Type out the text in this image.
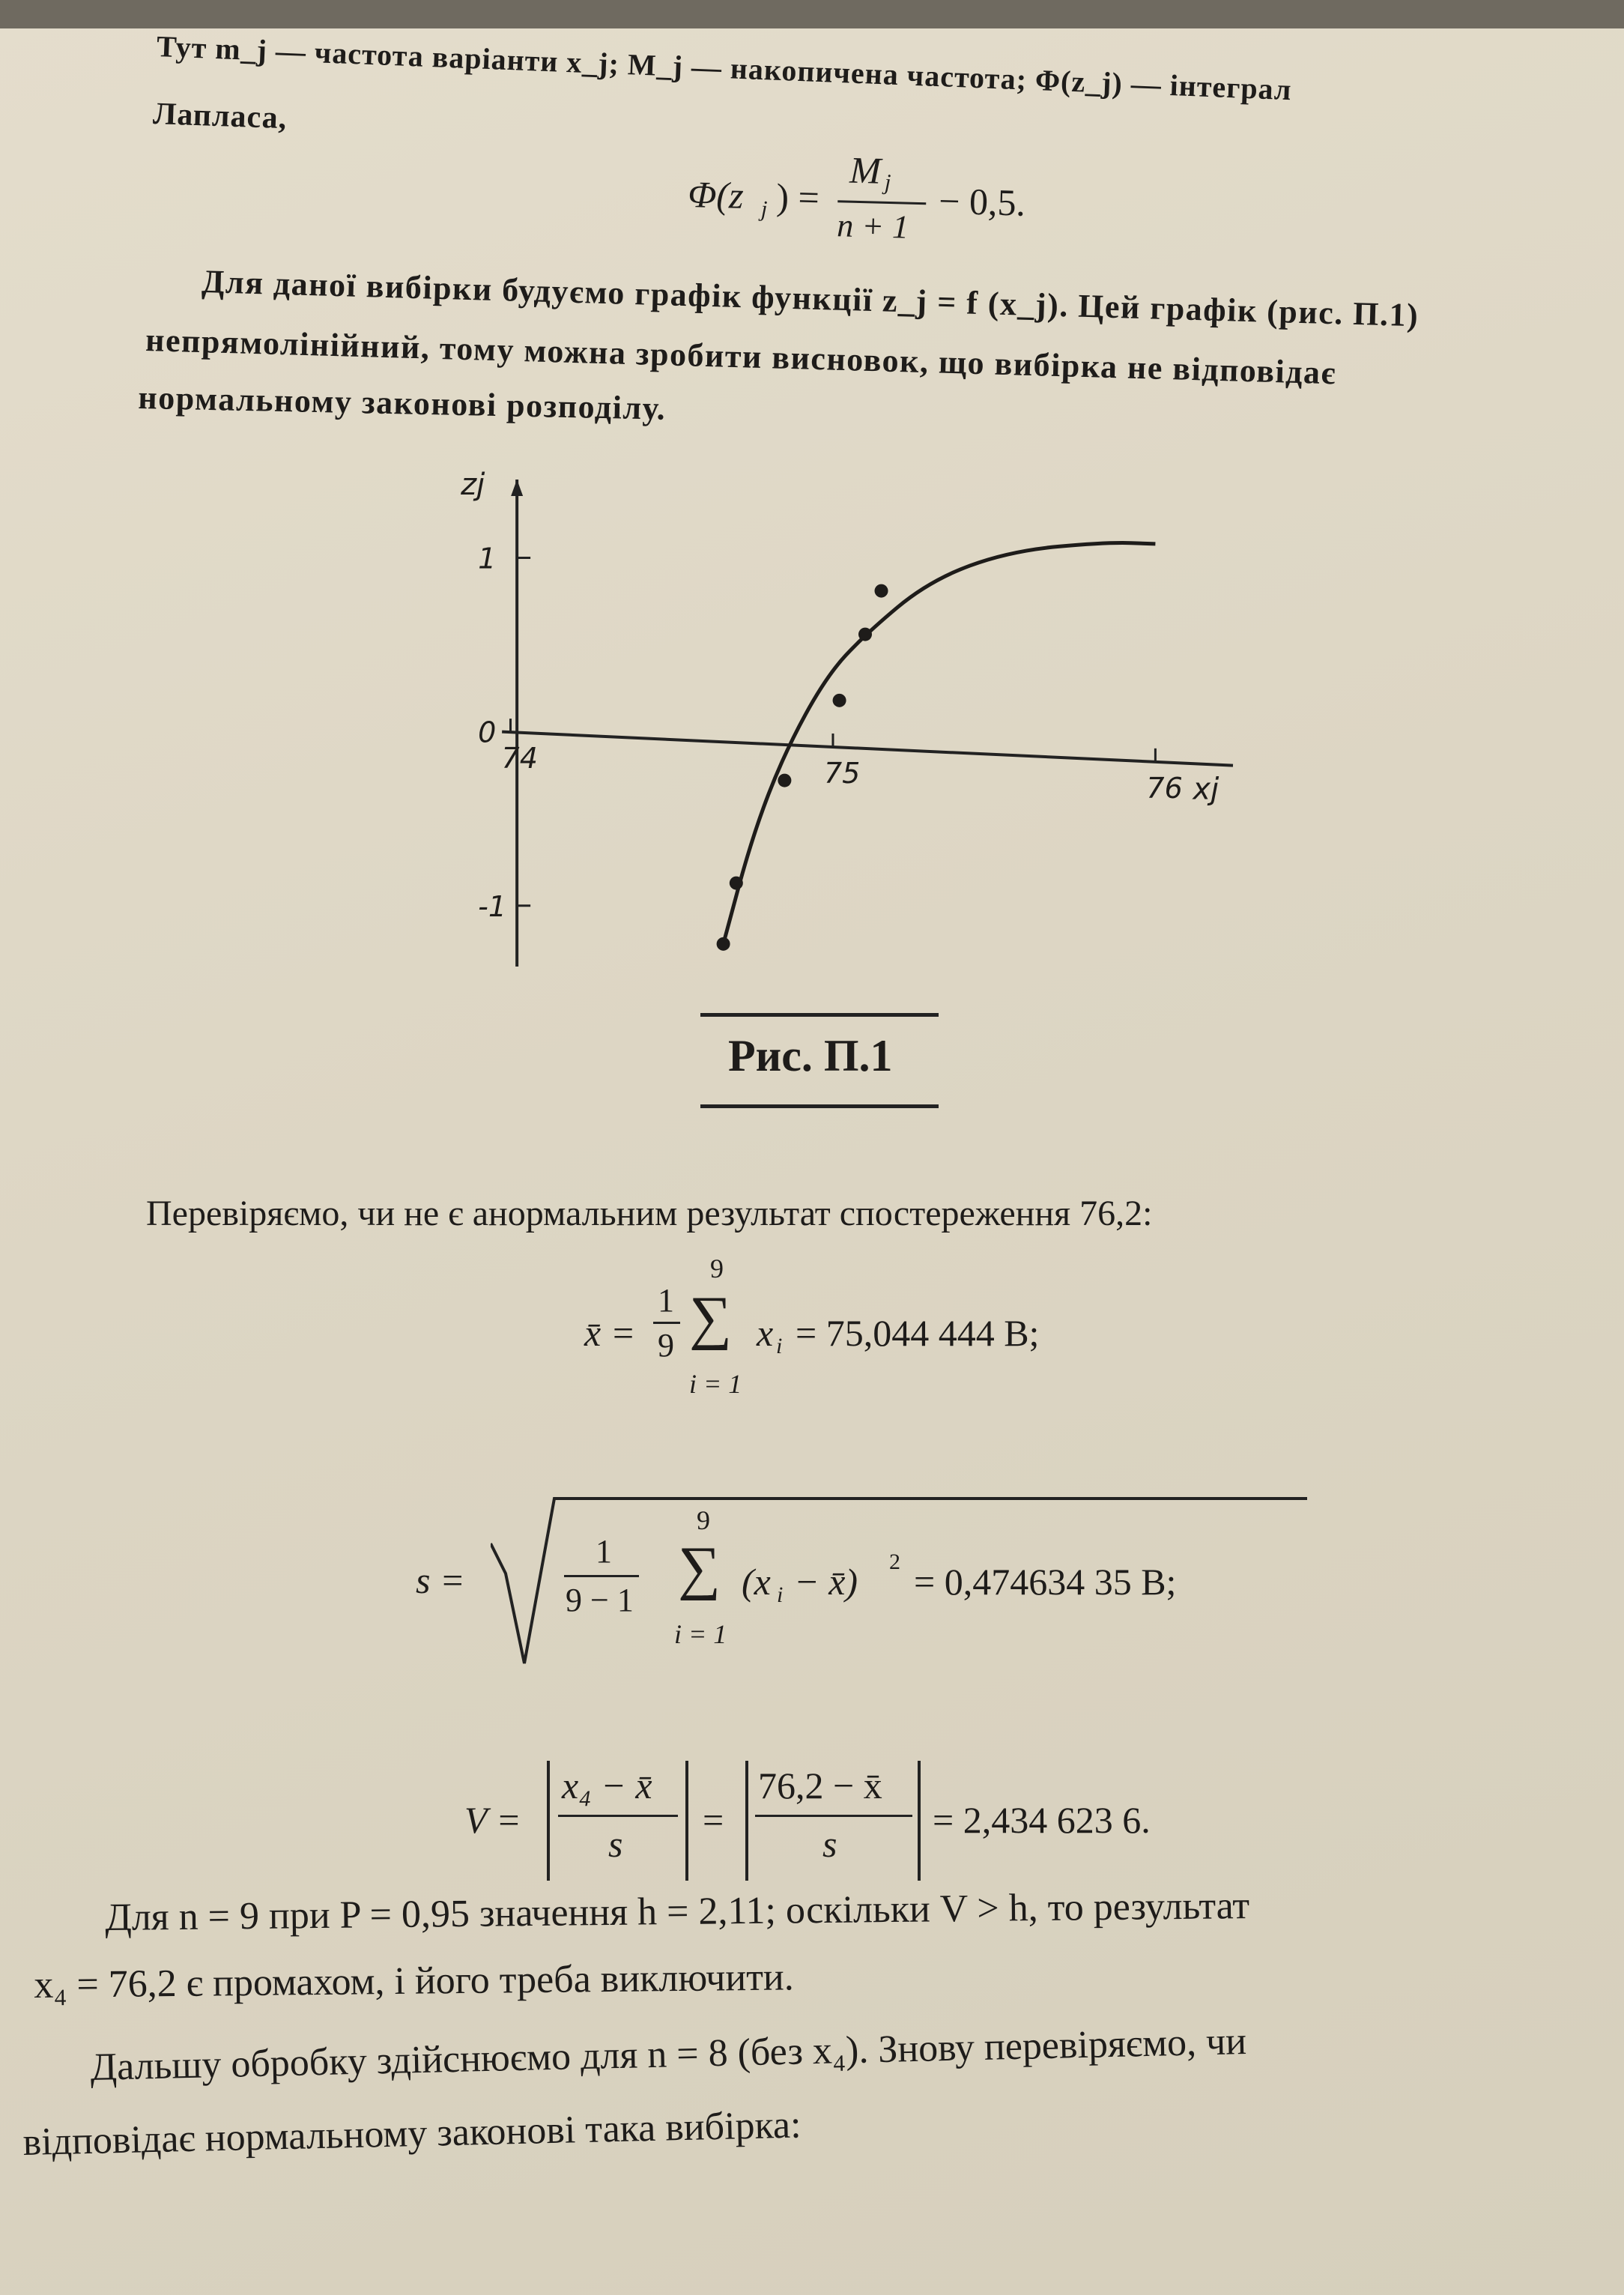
Тут m_j — частота варіанти x_j; M_j — накопичена частота; Φ(z_j) — інтеграл
Лапласа,
Φ(z j ) =
M j
n + 1
− 0,5.
Для даної вибірки будуємо графік функції z_j = f (x_j). Цей графік (рис. П.1)
непрямолінійний, тому можна зробити висновок, що вибірка не відповідає
нормальному законові розподілу.
1
0
-1
74	75	76
zj
xj
Рис. П.1
Перевіряємо, чи не є анормальним результат спостереження 76,2:
x̄ =
1
9
9
∑
i = 1
x i = 75,044 444 В;
s =
1
9 − 1
9
∑
i = 1
(x i − x̄) 2 = 0,474634 35 В;
V =
x₄ − x̄
s
=
76,2 − x̄
s
= 2,434 623 6.
Для n = 9 при P = 0,95 значення h = 2,11; оскільки V > h, то результат
x₄ = 76,2 є промахом, і його треба виключити.
Дальшу обробку здійснюємо для n = 8 (без x₄). Знову перевіряємо, чи
відповідає нормальному законові така вибірка:
